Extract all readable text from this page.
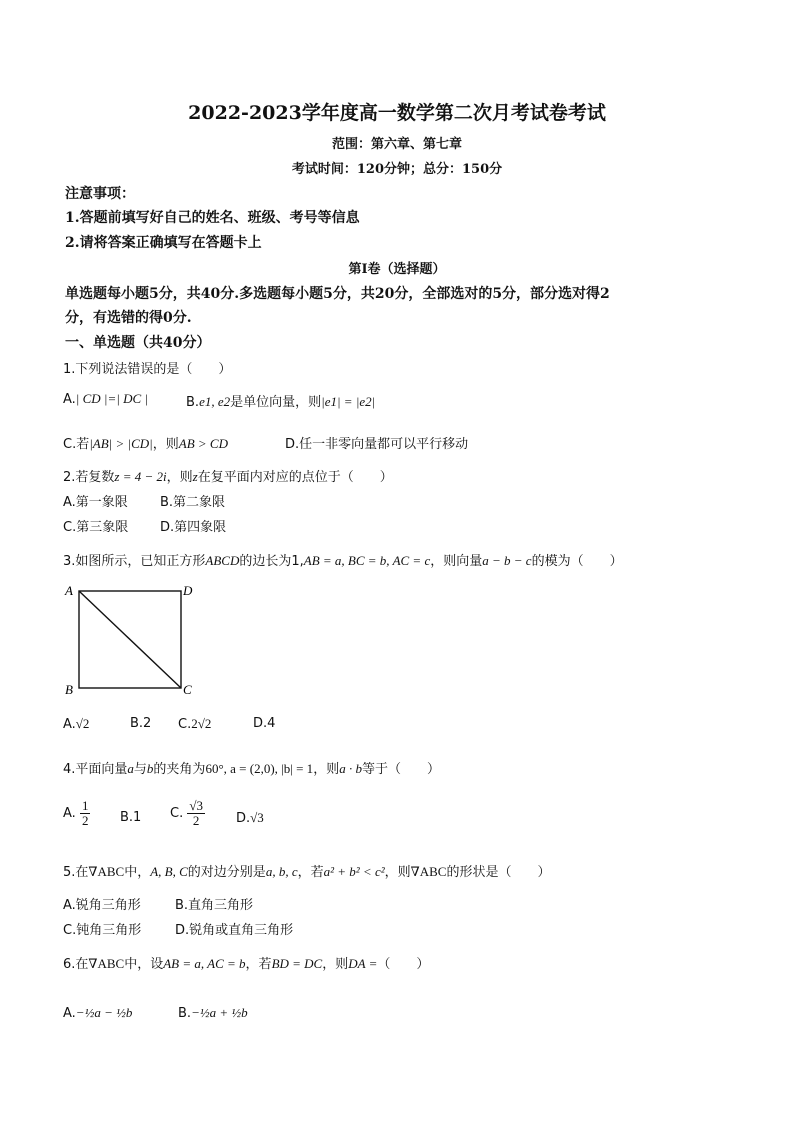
2022-2023学年度高一数学第二次月考试卷考试
范围：第六章、第七章
考试时间：120分钟；总分：150分
注意事项：
1.答题前填写好自己的姓名、班级、考号等信息
2.请将答案正确填写在答题卡上
第I卷（选择题）
单选题每小题5分，共40分.多选题每小题5分，共20分，全部选对的5分，部分选对得2
分，有选错的得0分.
一、单选题（共40分）
1.下列说法错误的是（　　）
A.| CD |=| DC |	B.e1, e2是单位向量，则|e1| = |e2|
C.若|AB| > |CD|，则AB > CD	D.任一非零向量都可以平行移动
2.若复数z = 4 − 2i，则z在复平面内对应的点位于（　　）
A.第一象限 B.第二象限
C.第三象限 D.第四象限
3.如图所示，已知正方形ABCD的边长为1,AB = a, BC = b, AC = c，则向量a − b − c的模为（　　）
A	D
B	C
A.√2	B.2 C.2√2	D.4
4.平面向量a与b的夹角为60°, a = (2,0), |b| = 1，则a · b等于（　　）
A. $\frac{1}{2} B.1$ C. $\frac{√3}{2} D.√3$
5.在∇ABC中，A, B, C的对边分别是a, b, c，若a² + b² < c²，则∇ABC的形状是（　　）
A.锐角三角形	B.直角三角形
C.钝角三角形	D.锐角或直角三角形
6.在∇ABC中，设AB = a, AC = b，若BD = DC，则DA =（　　）
A.−½a − ½b	B.−½a + ½b
